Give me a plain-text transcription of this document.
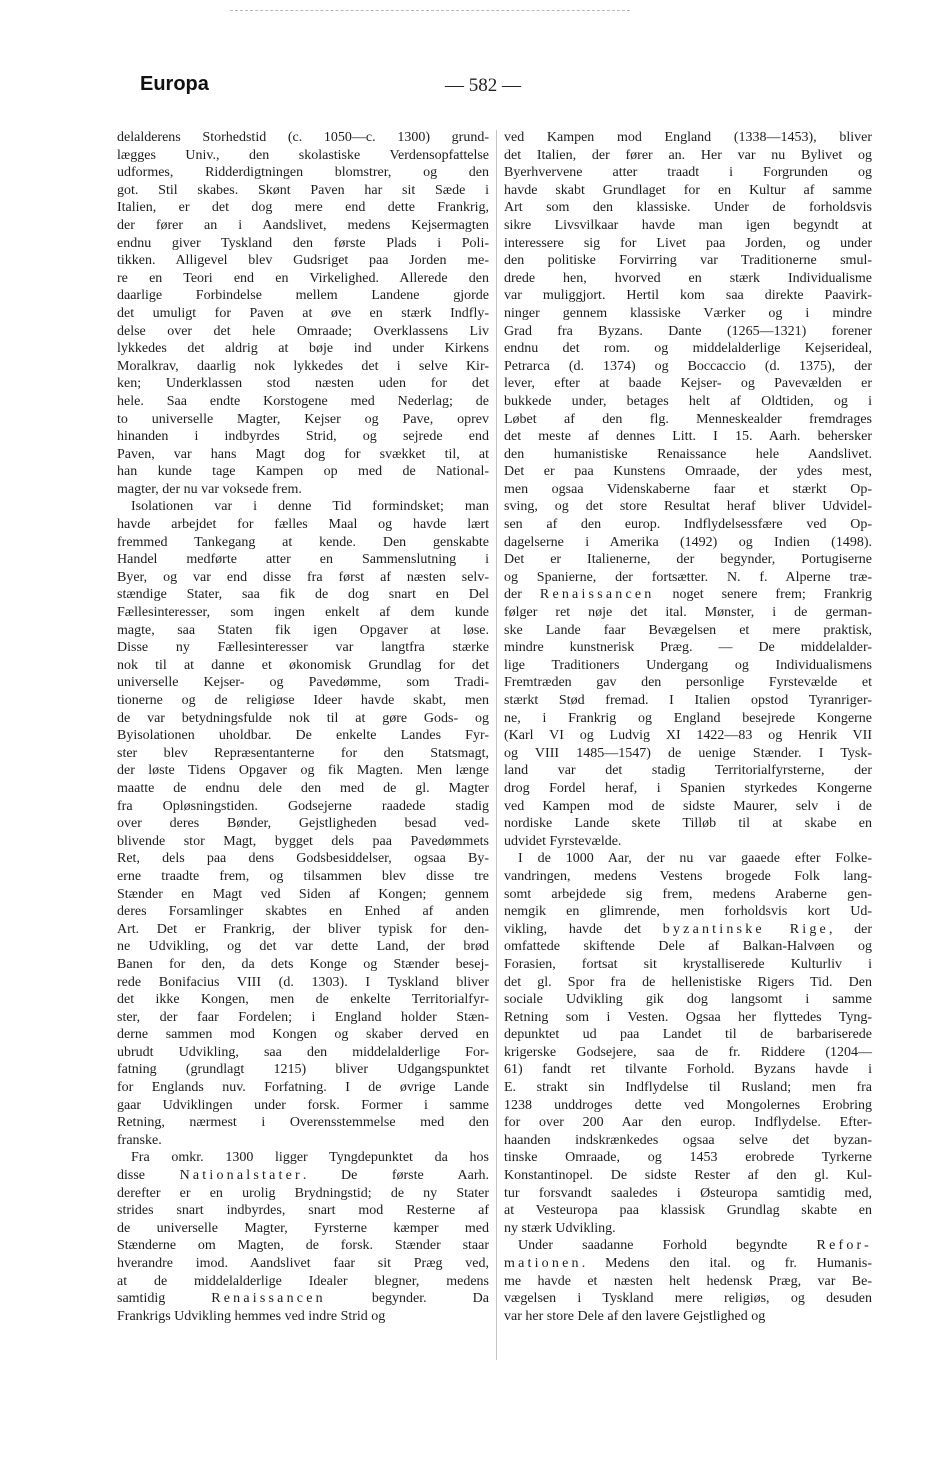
Europa	— 582 —
delalderens Storhedstid (c. 1050—c. 1300) grund-
lægges Univ., den skolastiske Verdensopfattelse
udformes, Ridderdigtningen blomstrer, og den
got. Stil skabes. Skønt Paven har sit Sæde i
Italien, er det dog mere end dette Frankrig,
der fører an i Aandslivet, medens Kejsermagten
endnu giver Tyskland den første Plads i Poli-
tikken. Alligevel blev Gudsriget paa Jorden me-
re en Teori end en Virkelighed. Allerede den
daarlige Forbindelse mellem Landene gjorde
det umuligt for Paven at øve en stærk Indfly-
delse over det hele Omraade; Overklassens Liv
lykkedes det aldrig at bøje ind under Kirkens
Moralkrav, daarlig nok lykkedes det i selve Kir-
ken; Underklassen stod næsten uden for det
hele. Saa endte Korstogene med Nederlag; de
to universelle Magter, Kejser og Pave, oprev
hinanden i indbyrdes Strid, og sejrede end
Paven, var hans Magt dog for svækket til, at
han kunde tage Kampen op med de National-
magter, der nu var voksede frem.
Isolationen var i denne Tid formindsket; man
havde arbejdet for fælles Maal og havde lært
fremmed Tankegang at kende. Den genskabte
Handel medførte atter en Sammenslutning i
Byer, og var end disse fra først af næsten selv-
stændige Stater, saa fik de dog snart en Del
Fællesinteresser, som ingen enkelt af dem kunde
magte, saa Staten fik igen Opgaver at løse.
Disse ny Fællesinteresser var langtfra stærke
nok til at danne et økonomisk Grundlag for det
universelle Kejser- og Pavedømme, som Tradi-
tionerne og de religiøse Ideer havde skabt, men
de var betydningsfulde nok til at gøre Gods- og
Byisolationen uholdbar. De enkelte Landes Fyr-
ster blev Repræsentanterne for den Statsmagt,
der løste Tidens Opgaver og fik Magten. Men længe
maatte de endnu dele den med de gl. Magter
fra Opløsningstiden. Godsejerne raadede stadig
over deres Bønder, Gejstligheden besad ved-
blivende stor Magt, bygget dels paa Pavedømmets
Ret, dels paa dens Godsbesiddelser, ogsaa By-
erne traadte frem, og tilsammen blev disse tre
Stænder en Magt ved Siden af Kongen; gennem
deres Forsamlinger skabtes en Enhed af anden
Art. Det er Frankrig, der bliver typisk for den-
ne Udvikling, og det var dette Land, der brød
Banen for den, da dets Konge og Stænder besej-
rede Bonifacius VIII (d. 1303). I Tyskland bliver
det ikke Kongen, men de enkelte Territorialfyr-
ster, der faar Fordelen; i England holder Stæn-
derne sammen mod Kongen og skaber derved en
ubrudt Udvikling, saa den middelalderlige For-
fatning (grundlagt 1215) bliver Udgangspunktet
for Englands nuv. Forfatning. I de øvrige Lande
gaar Udviklingen under forsk. Former i samme
Retning, nærmest i Overensstemmelse med den
franske.
Fra omkr. 1300 ligger Tyngdepunktet da hos
disse Nationalstater. De første Aarh.
derefter er en urolig Brydningstid; de ny Stater
strides snart indbyrdes, snart mod Resterne af
de universelle Magter, Fyrsterne kæmper med
Stænderne om Magten, de forsk. Stænder staar
hverandre imod. Aandslivet faar sit Præg ved,
at de middelalderlige Idealer blegner, medens
samtidig Renaissancen begynder. Da
Frankrigs Udvikling hemmes ved indre Strid og
ved Kampen mod England (1338—1453), bliver
det Italien, der fører an. Her var nu Bylivet og
Byerhvervene atter traadt i Forgrunden og
havde skabt Grundlaget for en Kultur af samme
Art som den klassiske. Under de forholdsvis
sikre Livsvilkaar havde man igen begyndt at
interessere sig for Livet paa Jorden, og under
den politiske Forvirring var Traditionerne smul-
drede hen, hvorved en stærk Individualisme
var muliggjort. Hertil kom saa direkte Paavirk-
ninger gennem klassiske Værker og i mindre
Grad fra Byzans. Dante (1265—1321) forener
endnu det rom. og middelalderlige Kejserideal,
Petrarca (d. 1374) og Boccaccio (d. 1375), der
lever, efter at baade Kejser- og Pavevælden er
bukkede under, betages helt af Oldtiden, og i
Løbet af den flg. Menneskealder fremdrages
det meste af dennes Litt. I 15. Aarh. behersker
den humanistiske Renaissance hele Aandslivet.
Det er paa Kunstens Omraade, der ydes mest,
men ogsaa Videnskaberne faar et stærkt Op-
sving, og det store Resultat heraf bliver Udvidel-
sen af den europ. Indflydelsessfære ved Op-
dagelserne i Amerika (1492) og Indien (1498).
Det er Italienerne, der begynder, Portugiserne
og Spanierne, der fortsætter. N. f. Alperne træ-
der Renaissancen noget senere frem; Frankrig
følger ret nøje det ital. Mønster, i de german-
ske Lande faar Bevægelsen et mere praktisk,
mindre kunstnerisk Præg. — De middelalder-
lige Traditioners Undergang og Individualismens
Fremtræden gav den personlige Fyrstevælde et
stærkt Stød fremad. I Italien opstod Tyranriger-
ne, i Frankrig og England besejrede Kongerne
(Karl VI og Ludvig XI 1422—83 og Henrik VII
og VIII 1485—1547) de uenige Stænder. I Tysk-
land var det stadig Territorialfyrsterne, der
drog Fordel heraf, i Spanien styrkedes Kongerne
ved Kampen mod de sidste Maurer, selv i de
nordiske Lande skete Tilløb til at skabe en
udvidet Fyrstevælde.
I de 1000 Aar, der nu var gaaede efter Folke-
vandringen, medens Vestens brogede Folk lang-
somt arbejdede sig frem, medens Araberne gen-
nemgik en glimrende, men forholdsvis kort Ud-
vikling, havde det byzantinske Rige, der
omfattede skiftende Dele af Balkan-Halvøen og
Forasien, fortsat sit krystalliserede Kulturliv i
det gl. Spor fra de hellenistiske Rigers Tid. Den
sociale Udvikling gik dog langsomt i samme
Retning som i Vesten. Ogsaa her flyttedes Tyng-
depunktet ud paa Landet til de barbariserede
krigerske Godsejere, saa de fr. Riddere (1204—
61) fandt ret tilvante Forhold. Byzans havde i
E. strakt sin Indflydelse til Rusland; men fra
1238 unddroges dette ved Mongolernes Erobring
for over 200 Aar den europ. Indflydelse. Efter-
haanden indskrænkedes ogsaa selve det byzan-
tinske Omraade, og 1453 erobrede Tyrkerne
Konstantinopel. De sidste Rester af den gl. Kul-
tur forsvandt saaledes i Østeuropa samtidig med,
at Vesteuropa paa klassisk Grundlag skabte en
ny stærk Udvikling.
Under saadanne Forhold begyndte Refor-
mationen. Medens den ital. og fr. Humanis-
me havde et næsten helt hedensk Præg, var Be-
vægelsen i Tyskland mere religiøs, og desuden
var her store Dele af den lavere Gejstlighed og
